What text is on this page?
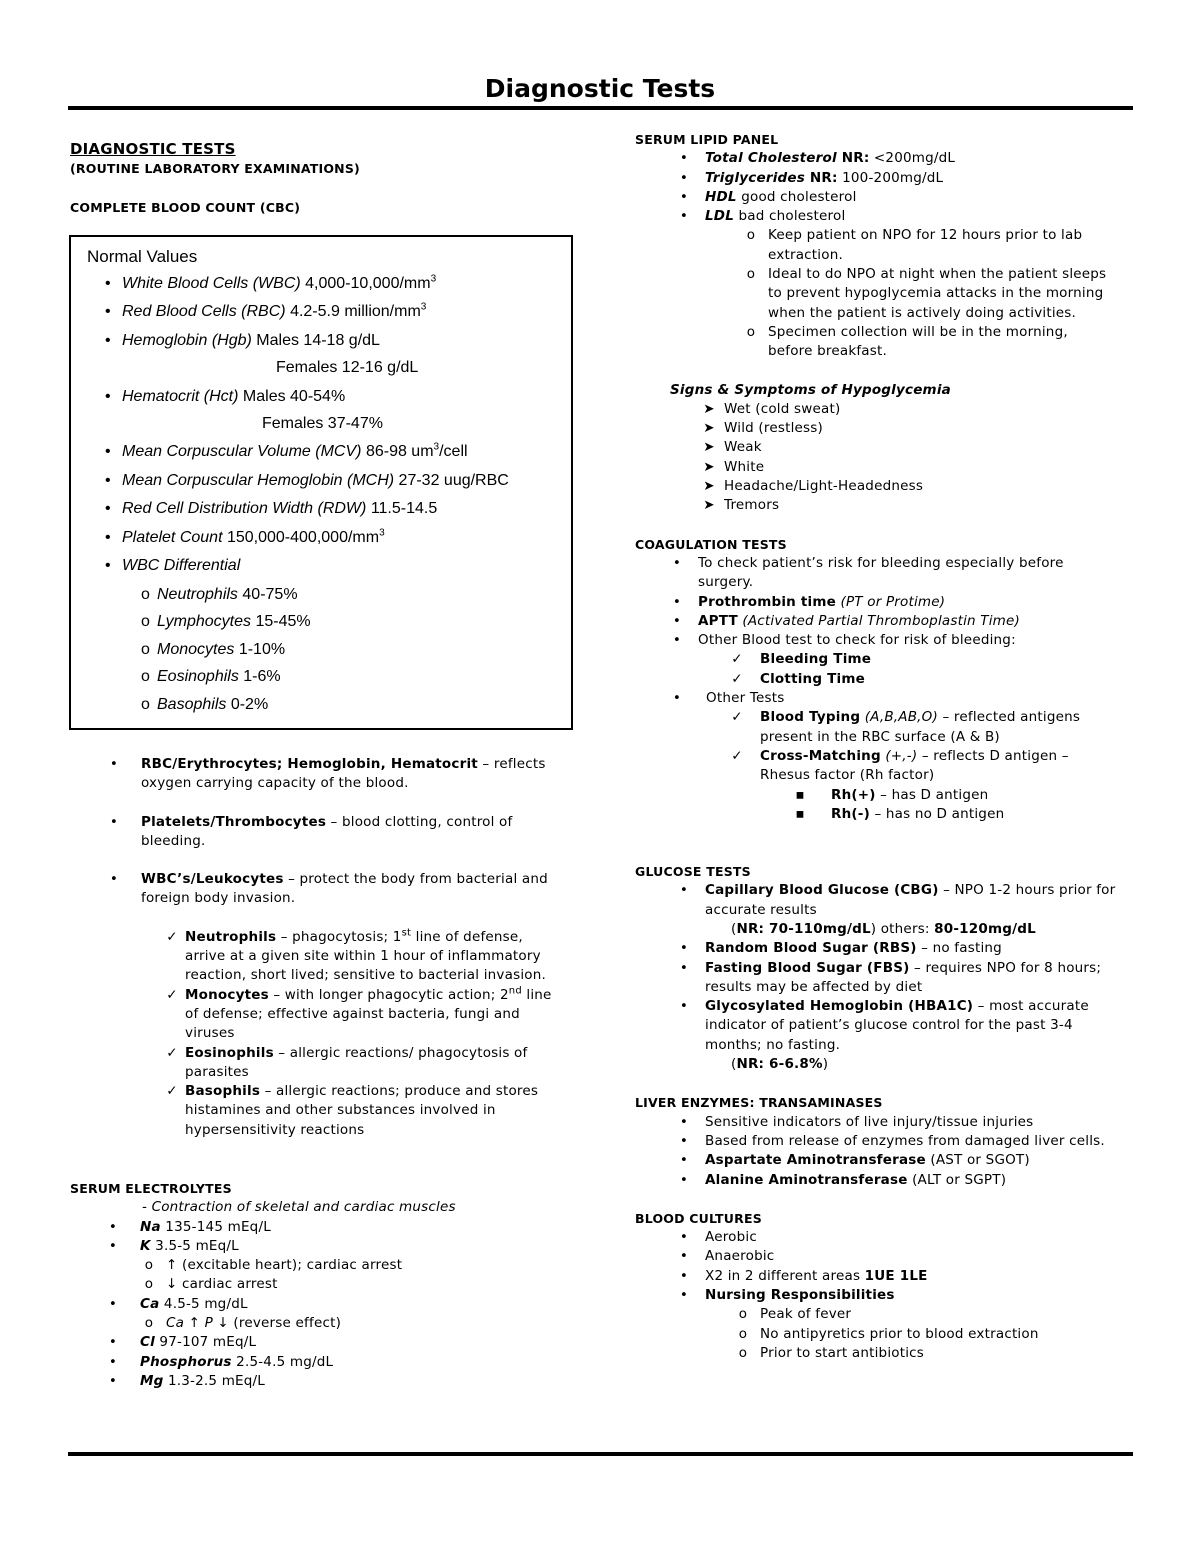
Diagnostic Tests
DIAGNOSTIC TESTS
(ROUTINE LABORATORY EXAMINATIONS)
COMPLETE BLOOD COUNT (CBC)
Normal Values
• White Blood Cells (WBC) $4,000-10,000/mm^3$
• Red Blood Cells (RBC) 4.2-5.9 million/$mm^3$
• Hemoglobin (Hgb) Males 14-18 g/dL
Females 12-16 g/dL
• Hematocrit (Hct) Males 40-54%
Females 37-47%
• Mean Corpuscular Volume (MCV) 86-98 $um^3$/cell
• Mean Corpuscular Hemoglobin (MCH) 27-32 uug/RBC
• Red Cell Distribution Width (RDW) 11.5-14.5
• Platelet Count $150,000-400,000/mm^3$
• WBC Differential
o Neutrophils 40-75%
o Lymphocytes 15-45%
o Monocytes 1-10%
o Eosinophils 1-6%
o Basophils 0-2%
•	RBC/Erythrocytes; Hemoglobin, Hematocrit – reflects oxygen carrying capacity of the blood.
•	Platelets/Thrombocytes – blood clotting, control of bleeding.
•	WBC’s/Leukocytes – protect the body from bacterial and foreign body invasion.
✓ Neutrophils – phagocytosis; 1st line of defense, arrive at a given site within 1 hour of inflammatory reaction, short lived; sensitive to bacterial invasion.
✓ Monocytes – with longer phagocytic action; 2nd line of defense; effective against bacteria, fungi and viruses
✓ Eosinophils – allergic reactions/ phagocytosis of parasites
✓ Basophils – allergic reactions; produce and stores histamines and other substances involved in hypersensitivity reactions
SERUM ELECTROLYTES
- Contraction of skeletal and cardiac muscles
•	Na 135-145 mEq/L
•	K 3.5-5 mEq/L
o ↑ (excitable heart); cardiac arrest
o ↓ cardiac arrest
•	Ca 4.5-5 mg/dL
o Ca ↑ P ↓ (reverse effect)
•	Cl 97-107 mEq/L
•	Phosphorus 2.5-4.5 mg/dL
•	Mg 1.3-2.5 mEq/L
SERUM LIPID PANEL
•	Total Cholesterol NR: <200mg/dL
•	Triglycerides NR: 100-200mg/dL
•	HDL good cholesterol
•	LDL bad cholesterol
o Keep patient on NPO for 12 hours prior to lab extraction.
o Ideal to do NPO at night when the patient sleeps to prevent hypoglycemia attacks in the morning when the patient is actively doing activities.
o Specimen collection will be in the morning, before breakfast.
Signs & Symptoms of Hypoglycemia
➤ Wet (cold sweat)
➤ Wild (restless)
➤ Weak
➤ White
➤ Headache/Light-Headedness
➤ Tremors
COAGULATION TESTS
•	To check patient’s risk for bleeding especially before surgery.
•	Prothrombin time (PT or Protime)
•	APTT (Activated Partial Thromboplastin Time)
•	Other Blood test to check for risk of bleeding:
✓ Bleeding Time
✓ Clotting Time
•	Other Tests
✓ Blood Typing (A,B,AB,O) – reflected antigens present in the RBC surface (A & B)
✓ Cross-Matching (+,-) – reflects D antigen – Rhesus factor (Rh factor)
▪	Rh(+) – has D antigen
▪	Rh(-) – has no D antigen
GLUCOSE TESTS
•	Capillary Blood Glucose (CBG) – NPO 1-2 hours prior for accurate results
(NR: 70-110mg/dL) others: 80-120mg/dL
•	Random Blood Sugar (RBS) – no fasting
•	Fasting Blood Sugar (FBS) – requires NPO for 8 hours; results may be affected by diet
•	Glycosylated Hemoglobin (HBA1C) – most accurate indicator of patient’s glucose control for the past 3-4 months; no fasting.
(NR: 6-6.8%)
LIVER ENZYMES: TRANSAMINASES
•	Sensitive indicators of live injury/tissue injuries
•	Based from release of enzymes from damaged liver cells.
•	Aspartate Aminotransferase (AST or SGOT)
•	Alanine Aminotransferase (ALT or SGPT)
BLOOD CULTURES
•	Aerobic
•	Anaerobic
•	X2 in 2 different areas 1UE 1LE
•	Nursing Responsibilities
o Peak of fever
o No antipyretics prior to blood extraction
o Prior to start antibiotics
